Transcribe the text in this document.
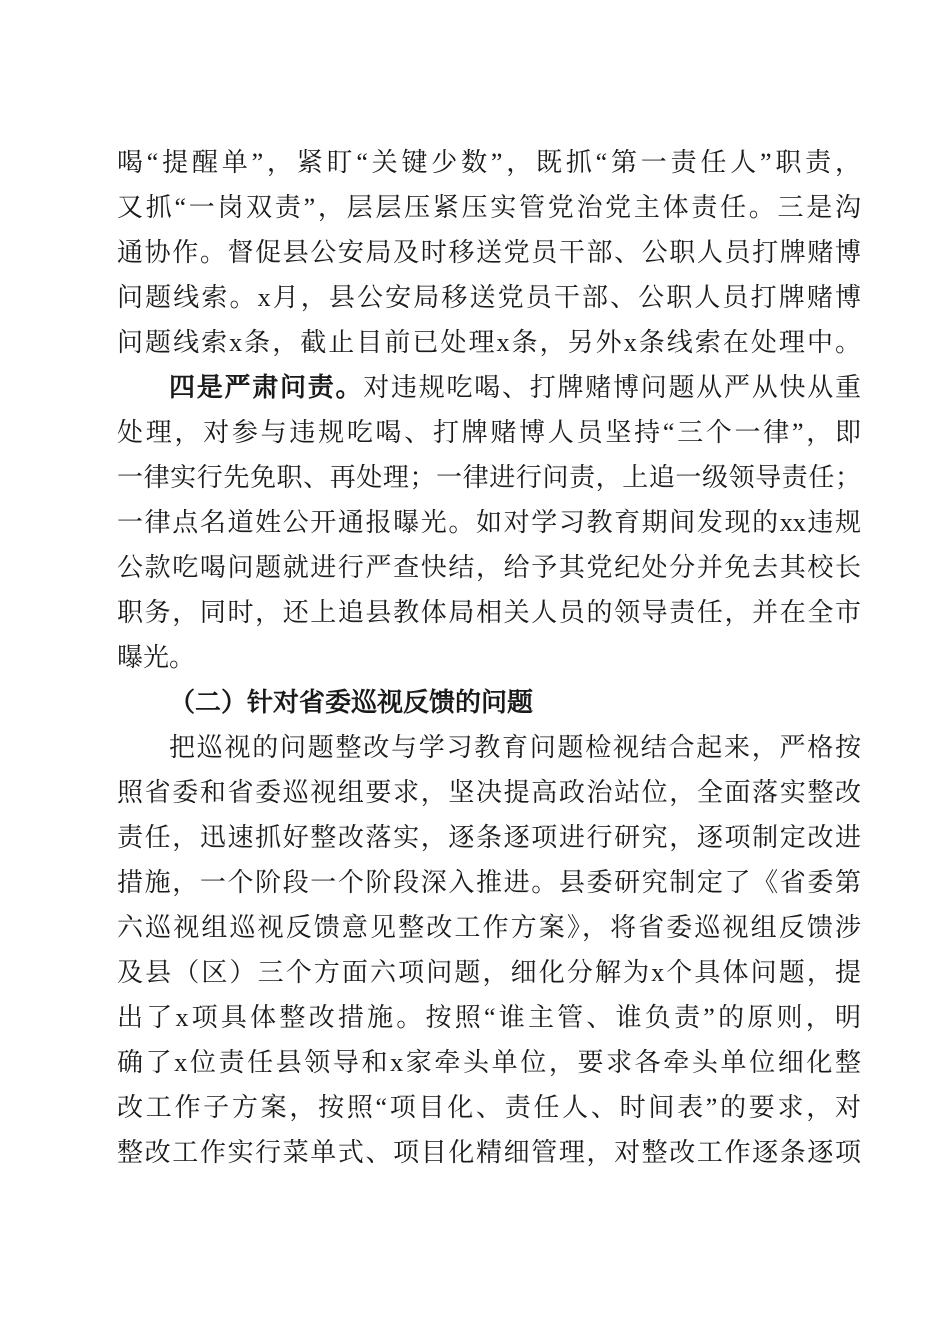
喝“提醒单”，紧盯“关键少数”，既抓“第一责任人”职责，
又抓“一岗双责”，层层压紧压实管党治党主体责任。三是沟
通协作。督促县公安局及时移送党员干部、公职人员打牌赌博
问题线索。x月，县公安局移送党员干部、公职人员打牌赌博
问题线索x条，截止目前已处理x条，另外x条线索在处理中。
四是严肃问责。对违规吃喝、打牌赌博问题从严从快从重
处理，对参与违规吃喝、打牌赌博人员坚持“三个一律”，即
一律实行先免职、再处理；一律进行问责，上追一级领导责任；
一律点名道姓公开通报曝光。如对学习教育期间发现的xx违规
公款吃喝问题就进行严查快结，给予其党纪处分并免去其校长
职务，同时，还上追县教体局相关人员的领导责任，并在全市
曝光。
（二）针对省委巡视反馈的问题
把巡视的问题整改与学习教育问题检视结合起来，严格按
照省委和省委巡视组要求，坚决提高政治站位，全面落实整改
责任，迅速抓好整改落实，逐条逐项进行研究，逐项制定改进
措施，一个阶段一个阶段深入推进。县委研究制定了《省委第
六巡视组巡视反馈意见整改工作方案》，将省委巡视组反馈涉
及县（区）三个方面六项问题，细化分解为x个具体问题，提
出了x项具体整改措施。按照“谁主管、谁负责”的原则，明
确了x位责任县领导和x家牵头单位，要求各牵头单位细化整
改工作子方案，按照“项目化、责任人、时间表”的要求，对
整改工作实行菜单式、项目化精细管理，对整改工作逐条逐项
